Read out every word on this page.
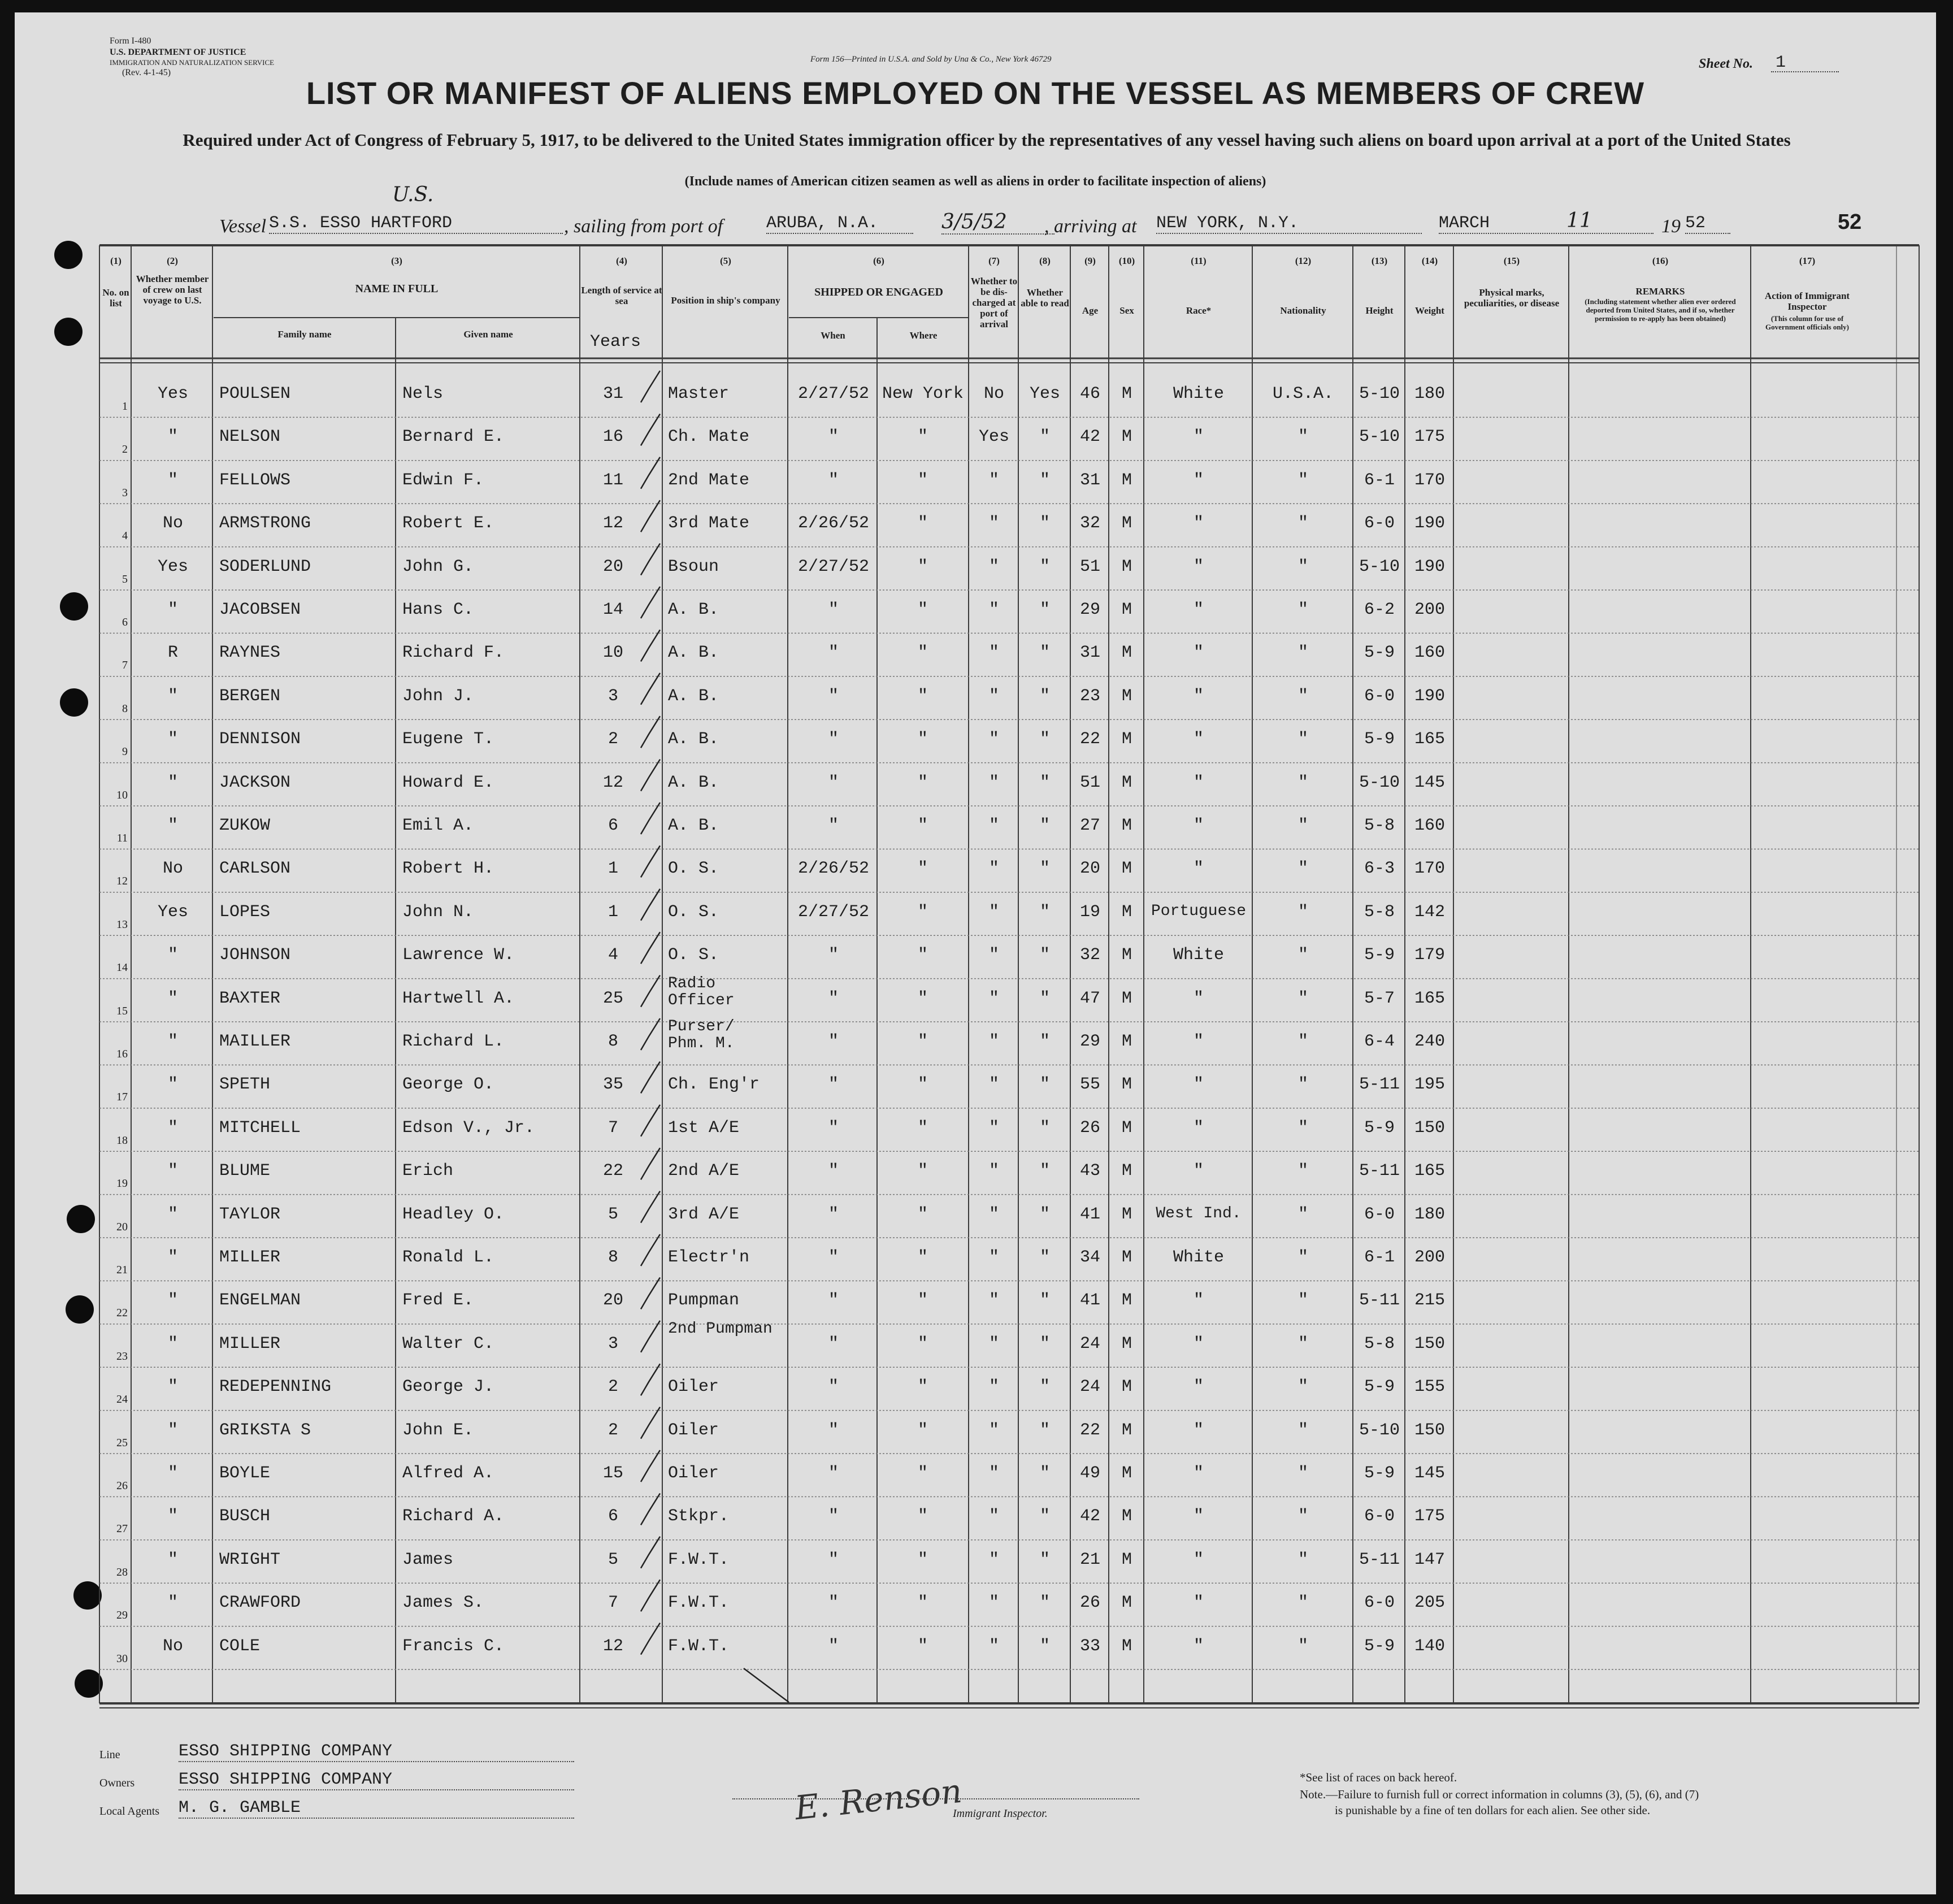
Form I-480
U.S. DEPARTMENT OF JUSTICE
IMMIGRATION AND NATURALIZATION SERVICE
(Rev. 4-1-45)
Form 156—Printed in U.S.A. and Sold by Una & Co., New York 46729	Sheet No. 1
LIST OR MANIFEST OF ALIENS EMPLOYED ON THE VESSEL AS MEMBERS OF CREW
Required under Act of Congress of February 5, 1917, to be delivered to the United States immigration officer by the representatives of any vessel having such aliens on board upon arrival at a port of the United States
(Include names of American citizen seamen as well as aliens in order to facilitate inspection of aliens)
Vessel S.S. ESSO HARTFORD
U.S.
, sailing from port of	ARUBA, N.A.	3/5/52	, arriving at NEW YORK, N.Y.	MARCH	11	19 52	52
(1)	(2)	(3)	(4)	(5)	(6)	(7)	(8)	(9)	(10)	(11)	(12)	(13)	(14)	(15)	(16)	(17)
No. on list
Whether member of crew on last voyage to U.S.
NAME IN FULL
Family name	Given name
Length of service at sea
Years
Position in ship's company
SHIPPED OR ENGAGED
When	Where
Whether to be dis-charged at port of arrival
Whether able to read
Age	Sex	Race*	Nationality	Height	Weight
Physical marks, peculiarities, or disease
REMARKS
(Including statement whether alien ever ordered deported from United States, and if so, whether permission to re-apply has been obtained)
Action of Immigrant Inspector
(This column for use of Government officials only)
1
Yes	POULSEN	Nels	31	Master	2/27/52 New York	No	Yes	46	M	White	U.S.A.	5-10 180
2
"	NELSON	Bernard E.	16	Ch. Mate	"	"	Yes	"	42	M	"	"	5-10 175
3
"	FELLOWS	Edwin F.	11	2nd Mate	"	"	"	"	31	M	"	"	6-1	170
4
No	ARMSTRONG	Robert E.	12	3rd Mate	2/26/52	"	"	"	32	M	"	"	6-0	190
5
Yes	SODERLUND	John G.	20	Bsoun	2/27/52	"	"	"	51	M	"	"	5-10 190
6
"	JACOBSEN	Hans C.	14	A. B.	"	"	"	"	29	M	"	"	6-2	200
7
R	RAYNES	Richard F.	10	A. B.	"	"	"	"	31	M	"	"	5-9	160
8
"	BERGEN	John J.	3	A. B.	"	"	"	"	23	M	"	"	6-0	190
9
"	DENNISON	Eugene T.	2	A. B.	"	"	"	"	22	M	"	"	5-9	165
10
"	JACKSON	Howard E.	12	A. B.	"	"	"	"	51	M	"	"	5-10 145
11
"	ZUKOW	Emil A.	6	A. B.	"	"	"	"	27	M	"	"	5-8	160
12
No	CARLSON	Robert H.	1	O. S.	2/26/52	"	"	"	20	M	"	"	6-3	170
13
Yes	LOPES	John N.	1	O. S.	2/27/52	"	"	"	19	M	Portuguese	"	5-8	142
14
"	JOHNSON	Lawrence W.	4	O. S.	"	"	"	"	32	M	White	"	5-9	179
15
"	BAXTER	Hartwell A.	25
Radio Officer	"	"	"	"	47	M	"	"	5-7	165
16
"	MAILLER	Richard L.	8
Purser/ Phm. M.	"	"	"	"	29	M	"	"	6-4	240
17
"	SPETH	George O.	35	Ch. Eng'r	"	"	"	"	55	M	"	"	5-11 195
18
"	MITCHELL	Edson V., Jr.	7	1st A/E	"	"	"	"	26	M	"	"	5-9	150
19
"	BLUME	Erich	22	2nd A/E	"	"	"	"	43	M	"	"	5-11 165
20
"	TAYLOR	Headley O.	5	3rd A/E	"	"	"	"	41	M	West Ind.	"	6-0	180
21
"	MILLER	Ronald L.	8	Electr'n	"	"	"	"	34	M	White	"	6-1	200
22
"	ENGELMAN	Fred E.	20	Pumpman	"	"	"	"	41	M	"	"	5-11 215
23
"	MILLER	Walter C.	3
2nd Pumpman
"	"	"	"	24	M	"	"	5-8	150
24
"	REDEPENNING	George J.	2	Oiler	"	"	"	"	24	M	"	"	5-9	155
25
"	GRIKSTA S	John E.	2	Oiler	"	"	"	"	22	M	"	"	5-10 150
26
"	BOYLE	Alfred A.	15	Oiler	"	"	"	"	49	M	"	"	5-9	145
27
"	BUSCH	Richard A.	6	Stkpr.	"	"	"	"	42	M	"	"	6-0	175
28
"	WRIGHT	James	5	F.W.T.	"	"	"	"	21	M	"	"	5-11 147
29
"	CRAWFORD	James S.	7	F.W.T.	"	"	"	"	26	M	"	"	6-0	205
30
No	COLE	Francis C.	12	F.W.T.	"	"	"	"	33	M	"	"	5-9	140
Line	ESSO SHIPPING COMPANY
Owners	ESSO SHIPPING COMPANY
Local Agents M. G. GAMBLE	E. Renson
Immigrant Inspector.
*See list of races on back hereof.
Note.—Failure to furnish full or correct information in columns (3), (5), (6), and (7)
is punishable by a fine of ten dollars for each alien. See other side.
